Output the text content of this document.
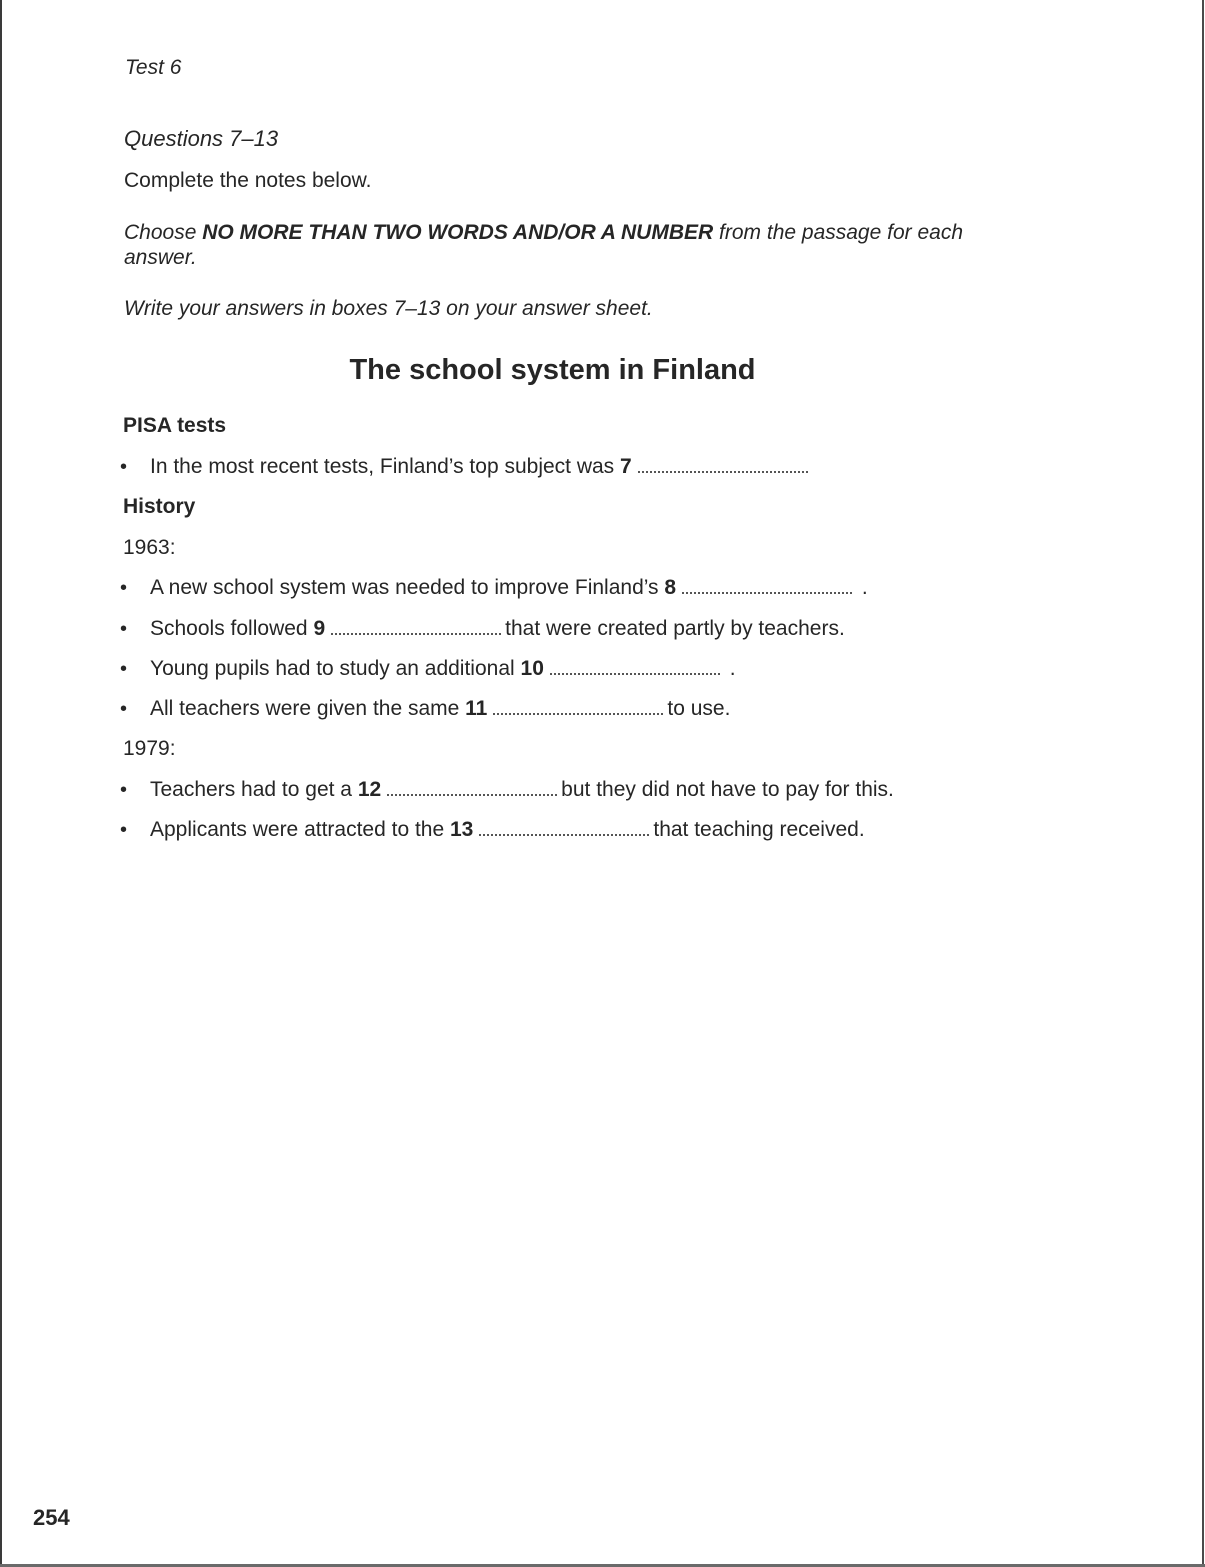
Test 6
Questions 7–13
Complete the notes below.
Choose NO MORE THAN TWO WORDS AND/OR A NUMBER from the passage for each answer.
Write your answers in boxes 7–13 on your answer sheet.
The school system in Finland
PISA tests
• In the most recent tests, Finland’s top subject was 7
History
1963:
• A new school system was needed to improve Finland’s 8	.
• Schools followed 9	that were created partly by teachers.
• Young pupils had to study an additional 10	.
• All teachers were given the same 11	to use.
1979:
• Teachers had to get a 12	but they did not have to pay for this.
• Applicants were attracted to the 13	that teaching received.
254
